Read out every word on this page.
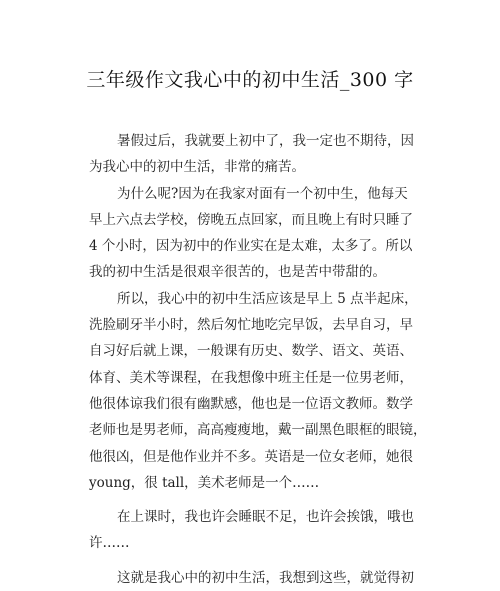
三年级作文我心中的初中生活_300 字
暑假过后，我就要上初中了，我一定也不期待，因
为我心中的初中生活，非常的痛苦。
为什么呢?因为在我家对面有一个初中生，他每天
早上六点去学校，傍晚五点回家，而且晚上有时只睡了
4 个小时，因为初中的作业实在是太难，太多了。所以
我的初中生活是很艰辛很苦的，也是苦中带甜的。
所以，我心中的初中生活应该是早上 5 点半起床，
洗脸刷牙半小时，然后匆忙地吃完早饭，去早自习，早
自习好后就上课，一般课有历史、数学、语文、英语、
体育、美术等课程，在我想像中班主任是一位男老师，
他很体谅我们很有幽默感，他也是一位语文教师。数学
老师也是男老师，高高瘦瘦地，戴一副黑色眼框的眼镜，
他很凶，但是他作业并不多。英语是一位女老师，她很
young，很 tall，美术老师是一个……
在上课时，我也许会睡眠不足，也许会挨饿，哦也
许……
这就是我心中的初中生活，我想到这些，就觉得初
